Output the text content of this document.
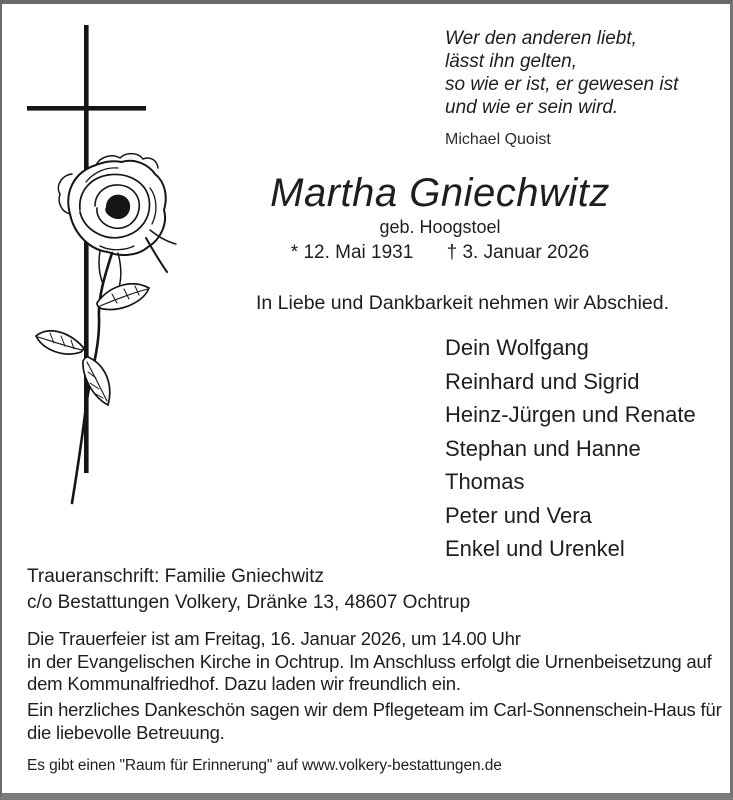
Wer den anderen liebt,
lässt ihn gelten,
so wie er ist, er gewesen ist
und wie er sein wird.
Michael Quoist
Martha Gniechwitz
geb. Hoogstoel
* 12. Mai 1931 † 3. Januar 2026
In Liebe und Dankbarkeit nehmen wir Abschied.
Dein Wolfgang
Reinhard und Sigrid
Heinz-Jürgen und Renate
Stephan und Hanne
Thomas
Peter und Vera
Enkel und Urenkel
Traueranschrift: Familie Gniechwitz
c/o Bestattungen Volkery, Dränke 13, 48607 Ochtrup
Die Trauerfeier ist am Freitag, 16. Januar 2026, um 14.00 Uhr
in der Evangelischen Kirche in Ochtrup. Im Anschluss erfolgt die Urnenbeisetzung auf
dem Kommunalfriedhof. Dazu laden wir freundlich ein.
Ein herzliches Dankeschön sagen wir dem Pflegeteam im Carl-Sonnenschein-Haus für
die liebevolle Betreuung.
Es gibt einen "Raum für Erinnerung" auf www.volkery-bestattungen.de
